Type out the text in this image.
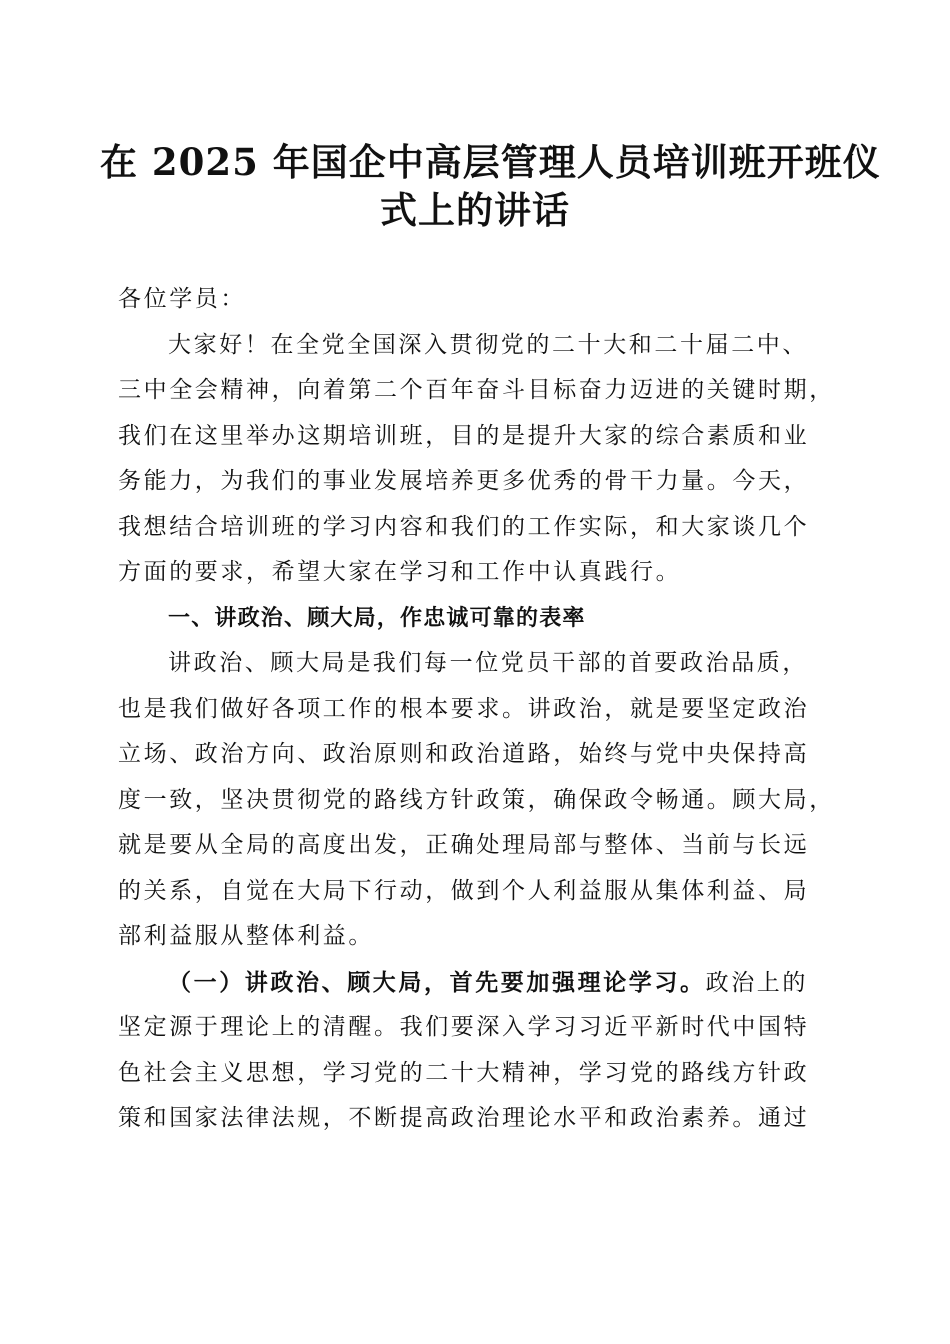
在 2025 年国企中高层管理人员培训班开班仪
式上的讲话
各位学员：
大家好！在全党全国深入贯彻党的二十大和二十届二中、
三中全会精神，向着第二个百年奋斗目标奋力迈进的关键时期，
我们在这里举办这期培训班，目的是提升大家的综合素质和业
务能力，为我们的事业发展培养更多优秀的骨干力量。今天，
我想结合培训班的学习内容和我们的工作实际，和大家谈几个
方面的要求，希望大家在学习和工作中认真践行。
一、讲政治、顾大局，作忠诚可靠的表率
讲政治、顾大局是我们每一位党员干部的首要政治品质，
也是我们做好各项工作的根本要求。讲政治，就是要坚定政治
立场、政治方向、政治原则和政治道路，始终与党中央保持高
度一致，坚决贯彻党的路线方针政策，确保政令畅通。顾大局，
就是要从全局的高度出发，正确处理局部与整体、当前与长远
的关系，自觉在大局下行动，做到个人利益服从集体利益、局
部利益服从整体利益。
（一）讲政治、顾大局，首先要加强理论学习。政治上的
坚定源于理论上的清醒。我们要深入学习习近平新时代中国特
色社会主义思想，学习党的二十大精神，学习党的路线方针政
策和国家法律法规，不断提高政治理论水平和政治素养。通过
